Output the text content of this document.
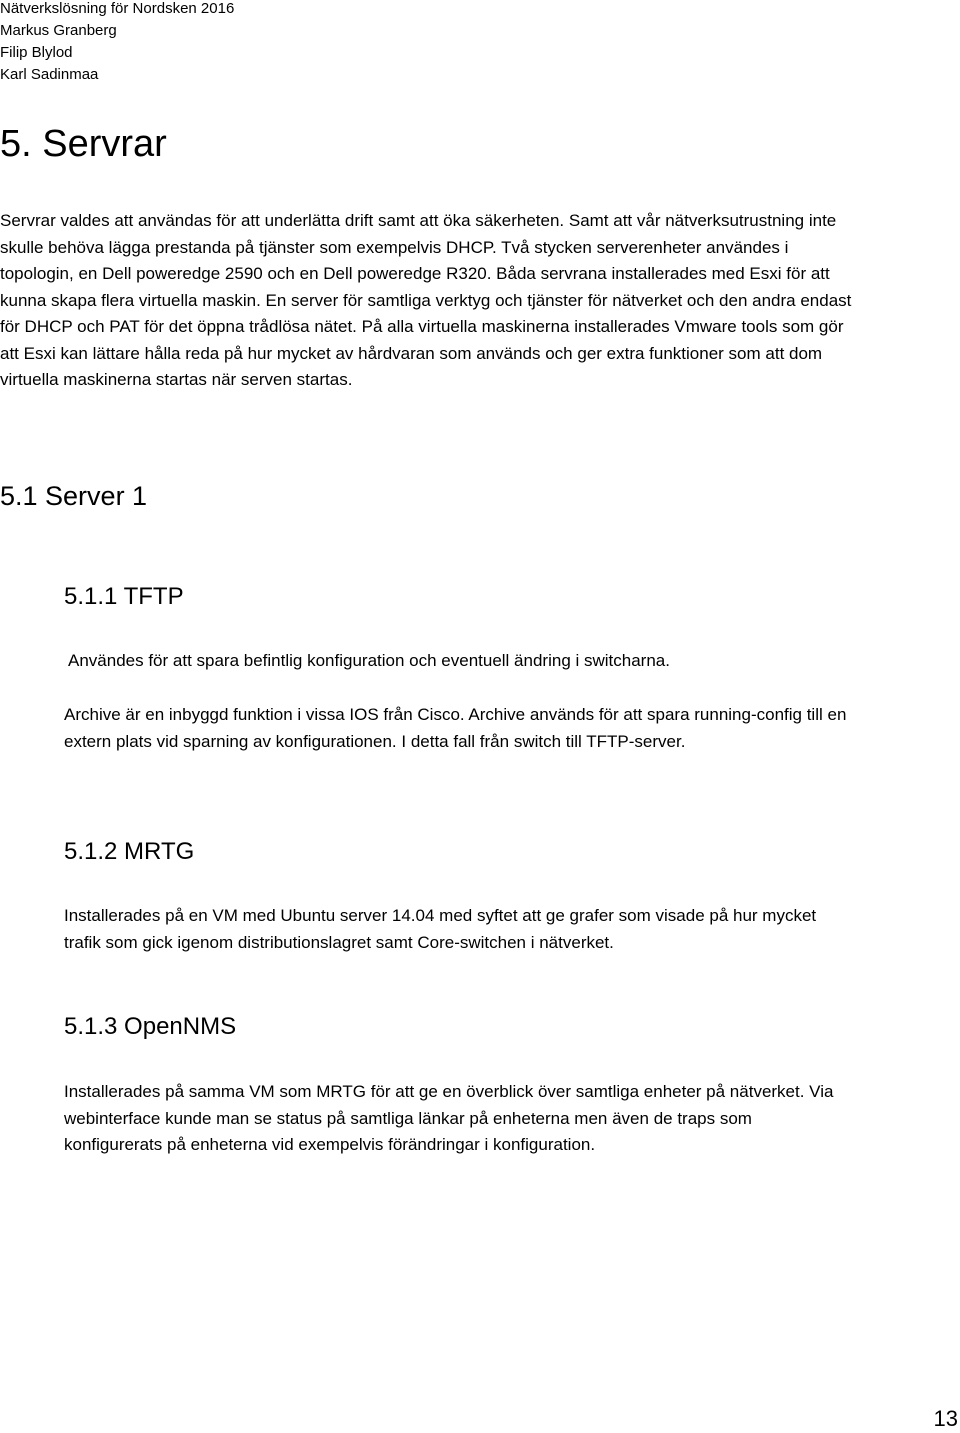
Nätverkslösning för Nordsken 2016
Markus Granberg
Filip Blylod
Karl Sadinmaa
5. Servrar

Servrar valdes att användas för att underlätta drift samt att öka säkerheten. Samt att vår nätverksutrustning inte skulle behöva lägga prestanda på tjänster som exempelvis DHCP. Två stycken serverenheter användes i topologin, en Dell poweredge 2590 och en Dell poweredge R320. Båda servrana installerades med Esxi för att kunna skapa flera virtuella maskin. En server för samtliga verktyg och tjänster för nätverket och den andra endast för DHCP och PAT för det öppna trådlösa nätet. På alla virtuella maskinerna installerades Vmware tools som gör att Esxi kan lättare hålla reda på hur mycket av hårdvaran som används och ger extra funktioner som att dom virtuella maskinerna startas när serven startas.

5.1 Server 1
5.1.1 TFTP

Användes för att spara befintlig konfiguration och eventuell ändring i switcharna.

Archive är en inbyggd funktion i vissa IOS från Cisco. Archive används för att spara running-config till en extern plats vid sparning av konfigurationen. I detta fall från switch till TFTP-server.

5.1.2 MRTG

Installerades på en VM med Ubuntu server 14.04 med syftet att ge grafer som visade på hur mycket trafik som gick igenom distributionslagret samt Core-switchen i nätverket.

5.1.3 OpenNMS

Installerades på samma VM som MRTG för att ge en överblick över samtliga enheter på nätverket. Via webinterface kunde man se status på samtliga länkar på enheterna men även de traps som konfigurerats på enheterna vid exempelvis förändringar i konfiguration.

13
